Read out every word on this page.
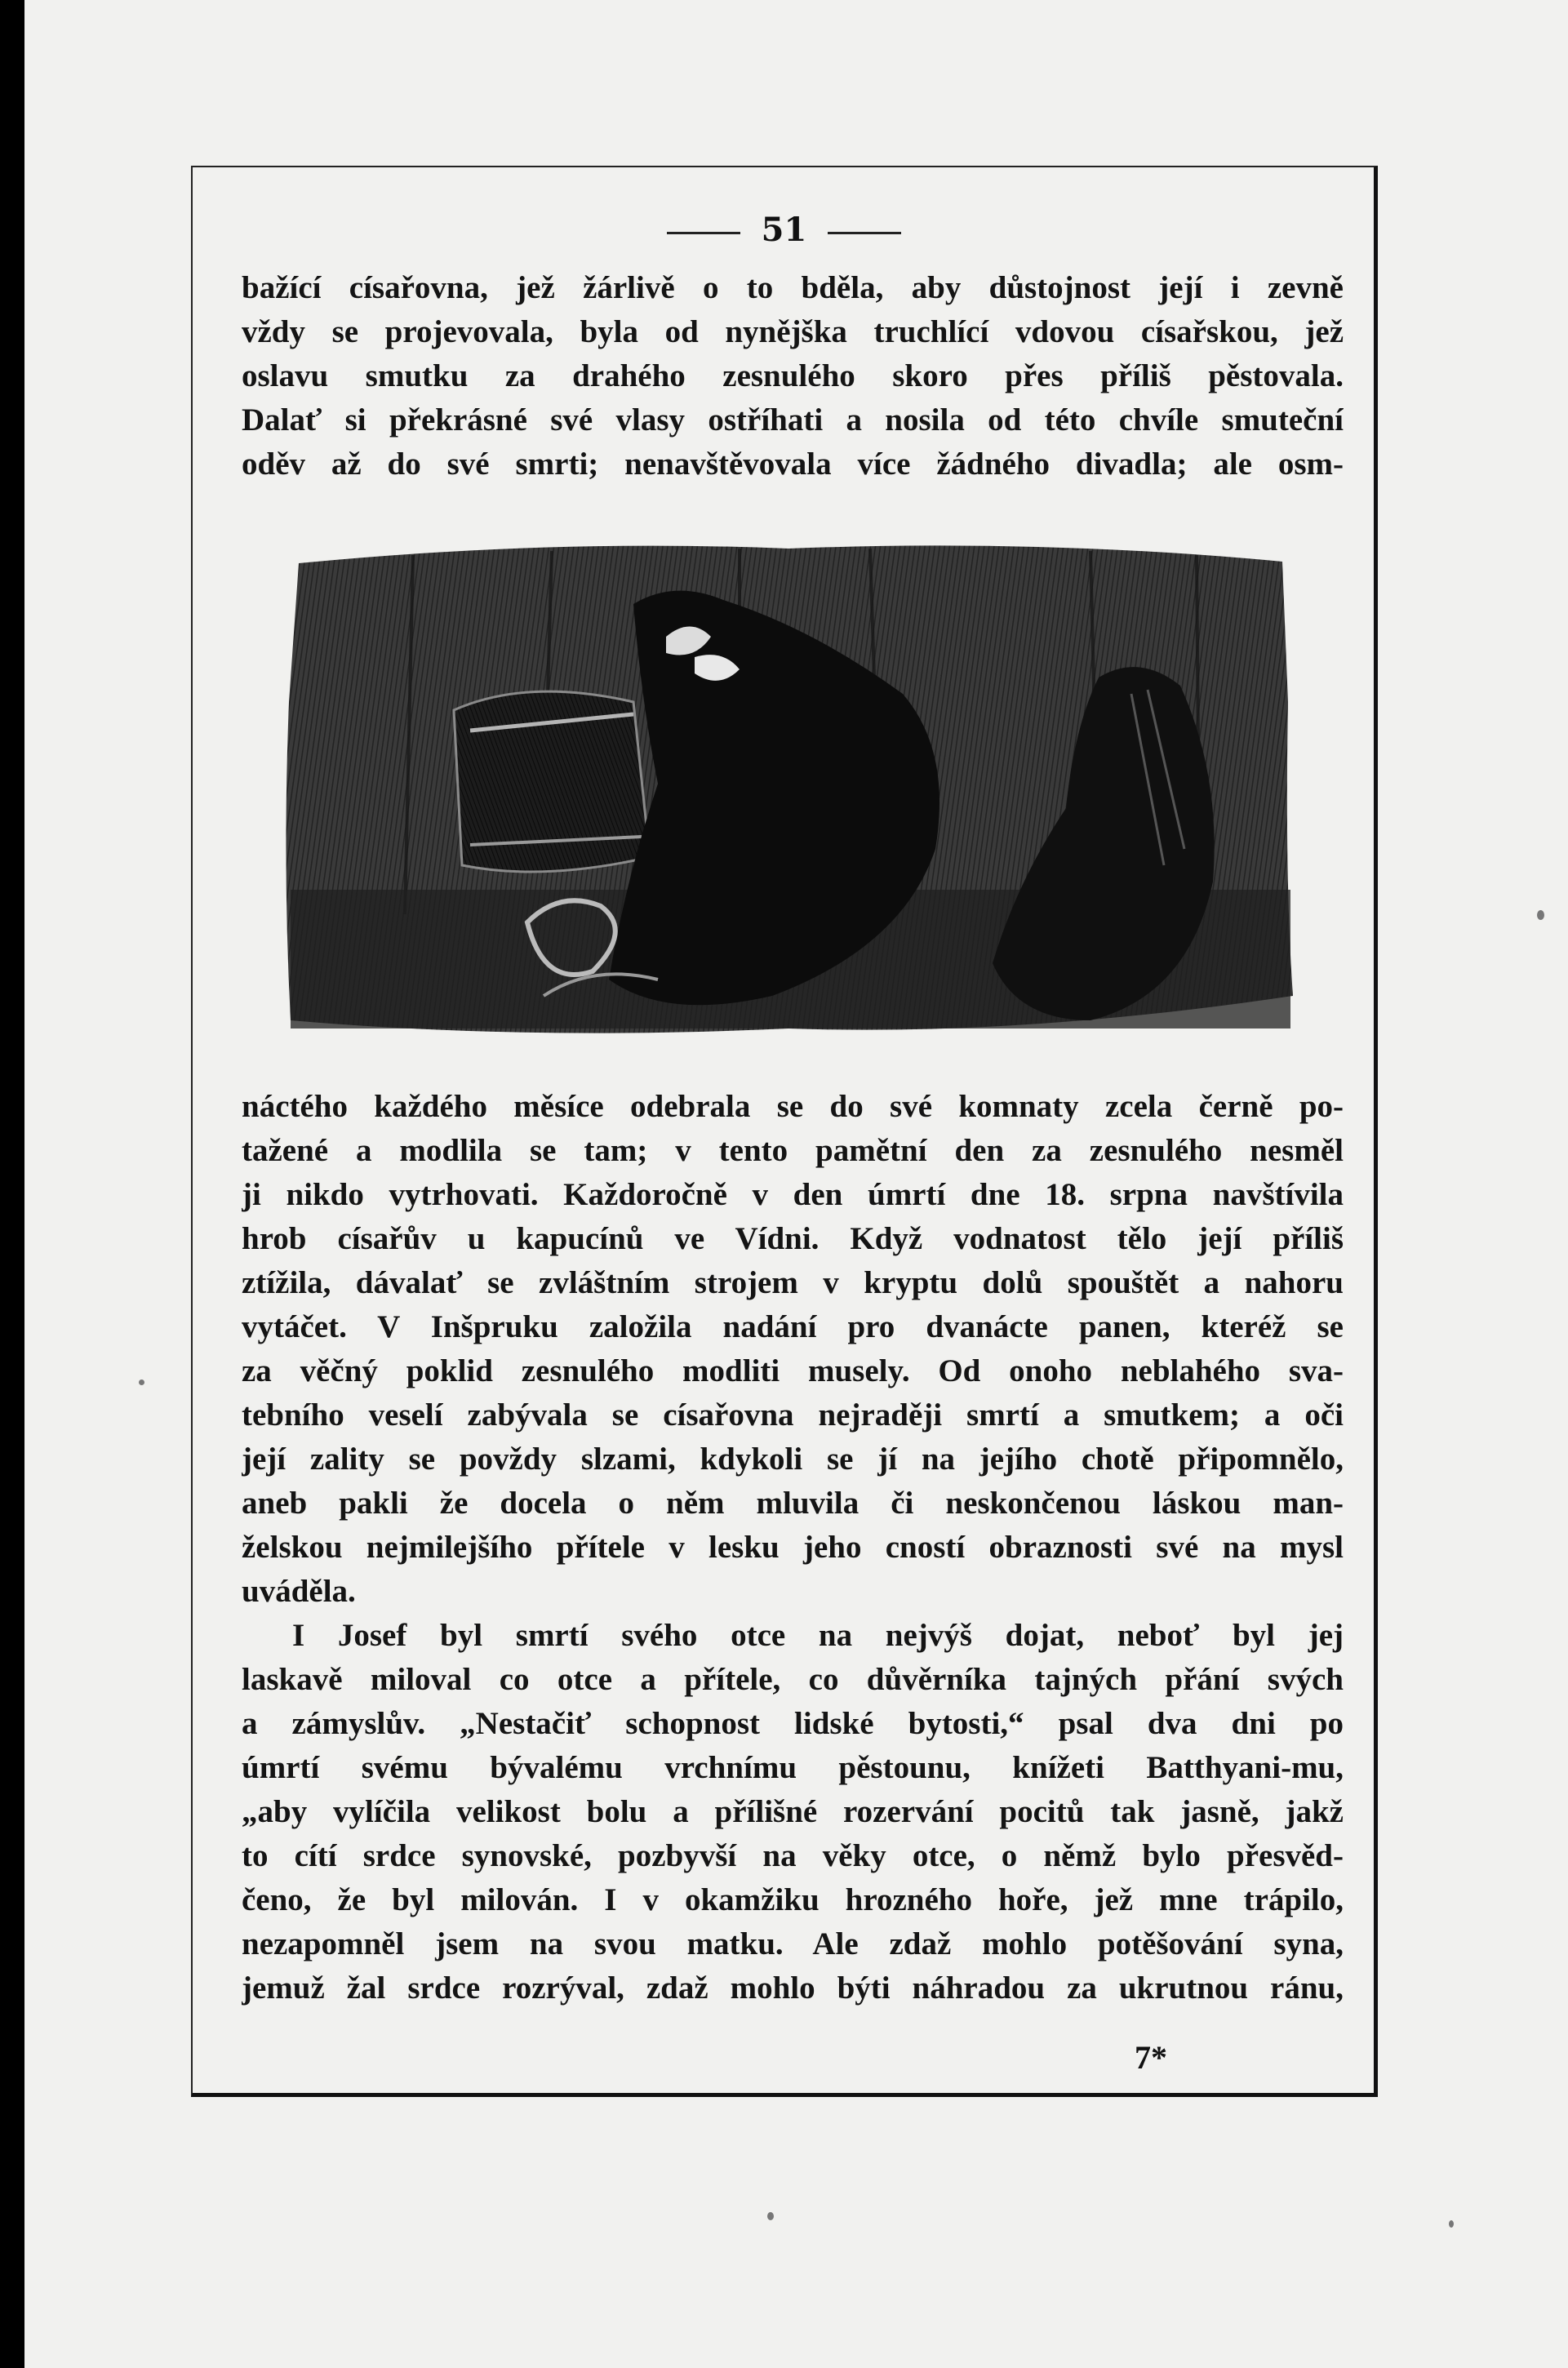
51
bažící císařovna, jež žárlivě o to bděla, aby důstojnost její i zevně
vždy se projevovala, byla od nynějška truchlící vdovou císařskou, jež
oslavu smutku za drahého zesnulého skoro přes příliš pěstovala.
Dalať si překrásné své vlasy ostříhati a nosila od této chvíle smuteční
oděv až do své smrti; nenavštěvovala více žádného divadla; ale osm-
náctého každého měsíce odebrala se do své komnaty zcela černě po-
tažené a modlila se tam; v tento pamětní den za zesnulého nesměl
ji nikdo vytrhovati. Každoročně v den úmrtí dne 18. srpna navštívila
hrob císařův u kapucínů ve Vídni. Když vodnatost tělo její příliš
ztížila, dávalať se zvláštním strojem v kryptu dolů spouštět a nahoru
vytáčet. V Inšpruku založila nadání pro dvanácte panen, kteréž se
za věčný poklid zesnulého modliti musely. Od onoho neblahého sva-
tebního veselí zabývala se císařovna nejraději smrtí a smutkem; a oči
její zality se povždy slzami, kdykoli se jí na jejího chotě připomnělo,
aneb pakli že docela o něm mluvila či neskončenou láskou man-
želskou nejmilejšího přítele v lesku jeho cností obraznosti své na mysl
uváděla.
I Josef byl smrtí svého otce na nejvýš dojat, neboť byl jej
laskavě miloval co otce a přítele, co důvěrníka tajných přání svých
a zámyslův. „Nestačiť schopnost lidské bytosti,“ psal dva dni po
úmrtí svému bývalému vrchnímu pěstounu, knížeti Batthyani-mu,
„aby vylíčila velikost bolu a přílišné rozervání pocitů tak jasně, jakž
to cítí srdce synovské, pozbyvší na věky otce, o němž bylo přesvěd-
čeno, že byl milován. I v okamžiku hrozného hoře, jež mne trápilo,
nezapomněl jsem na svou matku. Ale zdaž mohlo potěšování syna,
jemuž žal srdce rozrýval, zdaž mohlo býti náhradou za ukrutnou ránu,
7*
